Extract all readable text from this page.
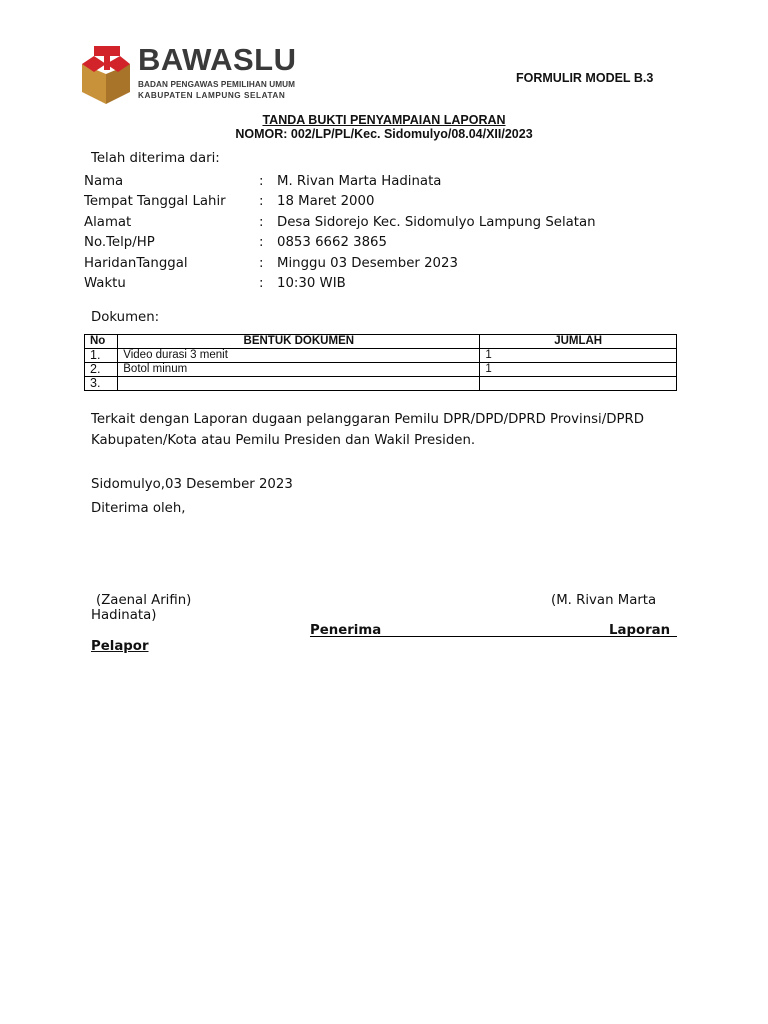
BAWASLU
BADAN PENGAWAS PEMILIHAN UMUM
KABUPATEN LAMPUNG SELATAN
FORMULIR MODEL B.3
TANDA BUKTI PENYAMPAIAN LAPORAN
NOMOR: 002/LP/PL/Kec. Sidomulyo/08.04/XII/2023
Telah diterima dari:
Nama	: M. Rivan Marta Hadinata
Tempat Tanggal Lahir	: 18 Maret 2000
Alamat	: Desa Sidorejo Kec. Sidomulyo Lampung Selatan
No.Telp/HP	: 0853 6662 3865
HaridanTanggal	: Minggu 03 Desember 2023
Waktu	: 10:30 WIB
Dokumen:
No	BENTUK DOKUMEN	JUMLAH
1.	Video durasi 3 menit	1
2.	Botol minum	1
3.		
Terkait dengan Laporan dugaan pelanggaran Pemilu DPR/DPD/DPRD Provinsi/DPRD
Kabupaten/Kota atau Pemilu Presiden dan Wakil Presiden.
Sidomulyo,03 Desember 2023
Diterima oleh,
(Zaenal Arifin)	(M. Rivan Marta
Hadinata)
Penerima	Laporan
Pelapor
